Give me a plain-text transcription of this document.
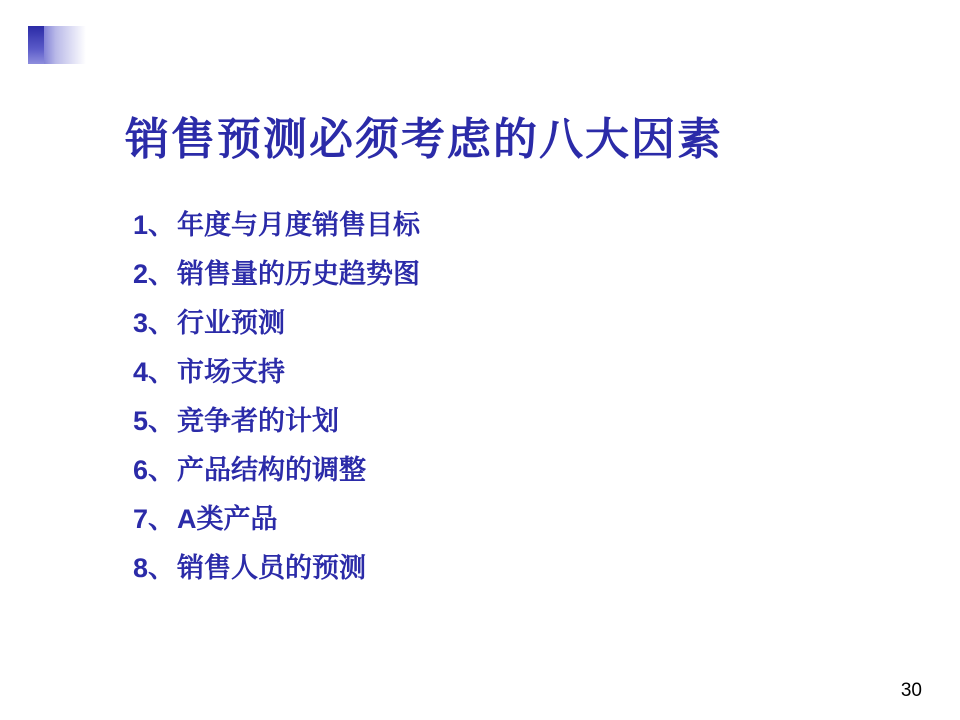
销售预测必须考虑的八大因素
1 、 年度与月度销售目标
2 、 销售量的历史趋势图
3 、 行业预测
4 、 市场支持
5 、 竞争者的计划
6 、 产品结构的调整
7 、 A类产品
8 、 销售人员的预测
30
